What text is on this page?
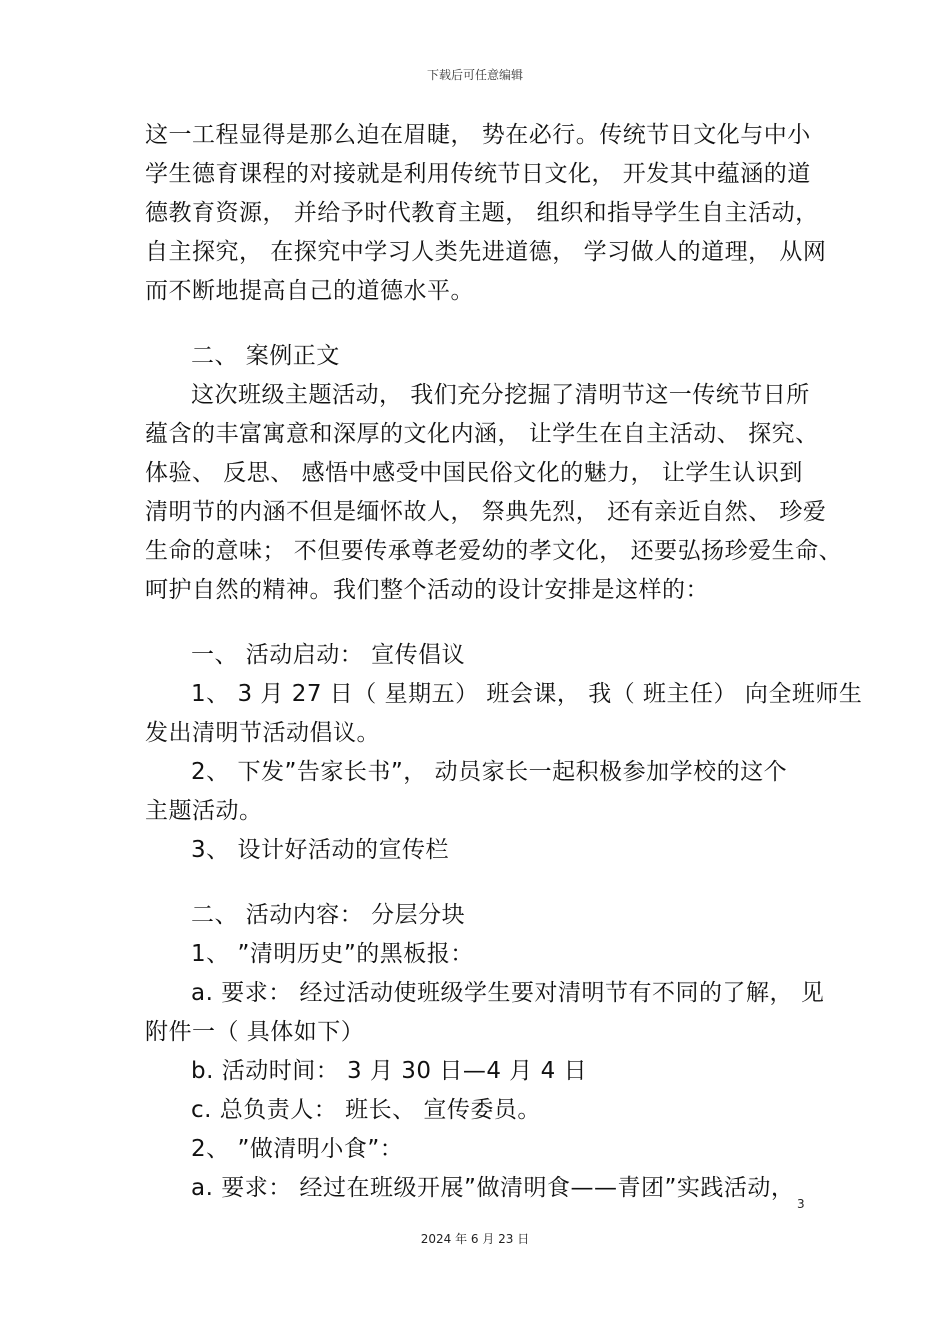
下载后可任意编辑
这一工程显得是那么迫在眉睫， 势在必行。传统节日文化与中小
学生德育课程的对接就是利用传统节日文化， 开发其中蕴涵的道
德教育资源， 并给予时代教育主题， 组织和指导学生自主活动，
自主探究， 在探究中学习人类先进道德， 学习做人的道理， 从网
而不断地提高自己的道德水平。
二、 案例正文
这次班级主题活动， 我们充分挖掘了清明节这一传统节日所
蕴含的丰富寓意和深厚的文化内涵， 让学生在自主活动、 探究、
体验、 反思、 感悟中感受中国民俗文化的魅力， 让学生认识到
清明节的内涵不但是缅怀故人， 祭典先烈， 还有亲近自然、 珍爱
生命的意味； 不但要传承尊老爱幼的孝文化， 还要弘扬珍爱生命、
呵护自然的精神。我们整个活动的设计安排是这样的：
一、 活动启动： 宣传倡议
1、 3 月 27 日（ 星期五） 班会课， 我（ 班主任） 向全班师生
发出清明节活动倡议。
2、 下发”告家长书”， 动员家长一起积极参加学校的这个
主题活动。
3、 设计好活动的宣传栏
二、 活动内容： 分层分块
1、 ”清明历史”的黑板报：
a. 要求： 经过活动使班级学生要对清明节有不同的了解， 见
附件一（ 具体如下）
b. 活动时间： 3 月 30 日—4 月 4 日
c. 总负责人： 班长、 宣传委员。
2、 ”做清明小食”：
a. 要求： 经过在班级开展”做清明食——青团”实践活动，
3
2024 年 6 月 23 日
